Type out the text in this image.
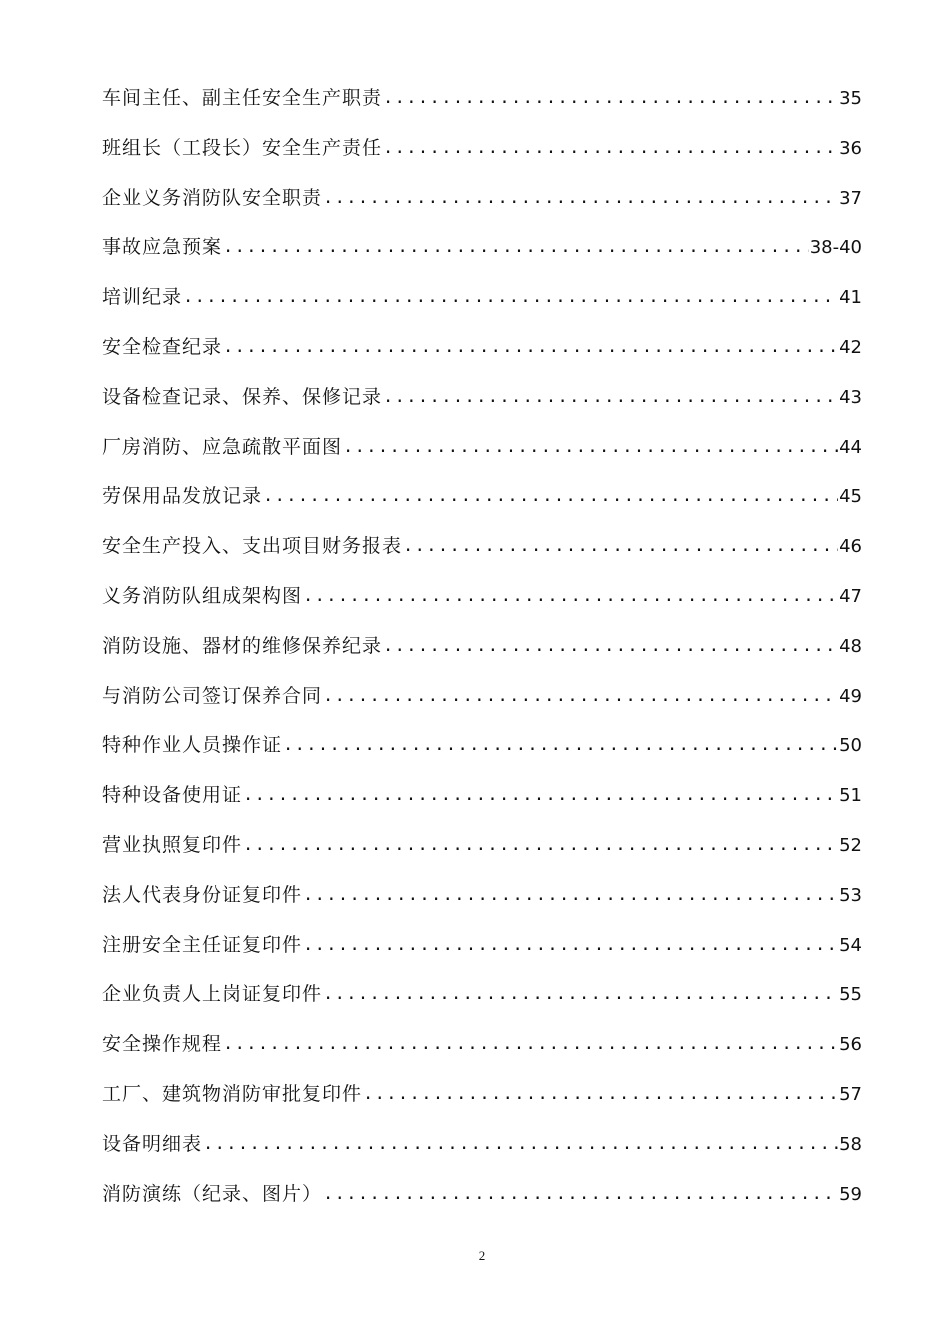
车间主任、副主任安全生产职责 .....	35
班组长（工段长）安全生产责任 .....	36
企业义务消防队安全职责 .....	37
事故应急预案 .....	38-40
培训纪录 .....	41
安全检查纪录 .....	42
设备检查记录、保养、保修记录 .....	43
厂房消防、应急疏散平面图 .....	44
劳保用品发放记录 .....	45
安全生产投入、支出项目财务报表 .....	46
义务消防队组成架构图 .....	47
消防设施、器材的维修保养纪录 .....	48
与消防公司签订保养合同 .....	49
特种作业人员操作证 .....	50
特种设备使用证 .....	51
营业执照复印件 .....	52
法人代表身份证复印件 .....	53
注册安全主任证复印件 .....	54
企业负责人上岗证复印件 .....	55
安全操作规程 .....	56
工厂、建筑物消防审批复印件 .....	57
设备明细表 .....	58
消防演练（纪录、图片） .....	59
2
